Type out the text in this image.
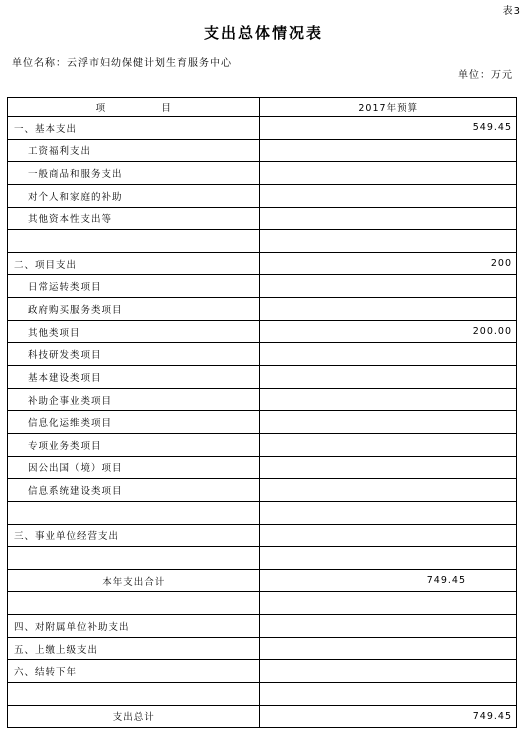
表3
支出总体情况表
单位名称：云浮市妇幼保健计划生育服务中心
单位：万元
项 目	2017年预算
一、基本支出	549.45
工资福利支出	
一般商品和服务支出	
对个人和家庭的补助	
其他资本性支出等	

二、项目支出	200
日常运转类项目	
政府购买服务类项目	
其他类项目	200.00
科技研发类项目	
基本建设类项目	
补助企事业类项目	
信息化运维类项目	
专项业务类项目	
因公出国（境）项目	
信息系统建设类项目	

三、事业单位经营支出	

本年支出合计	749.45

四、对附属单位补助支出	
五、上缴上级支出	
六、结转下年	

支出总计	749.45
